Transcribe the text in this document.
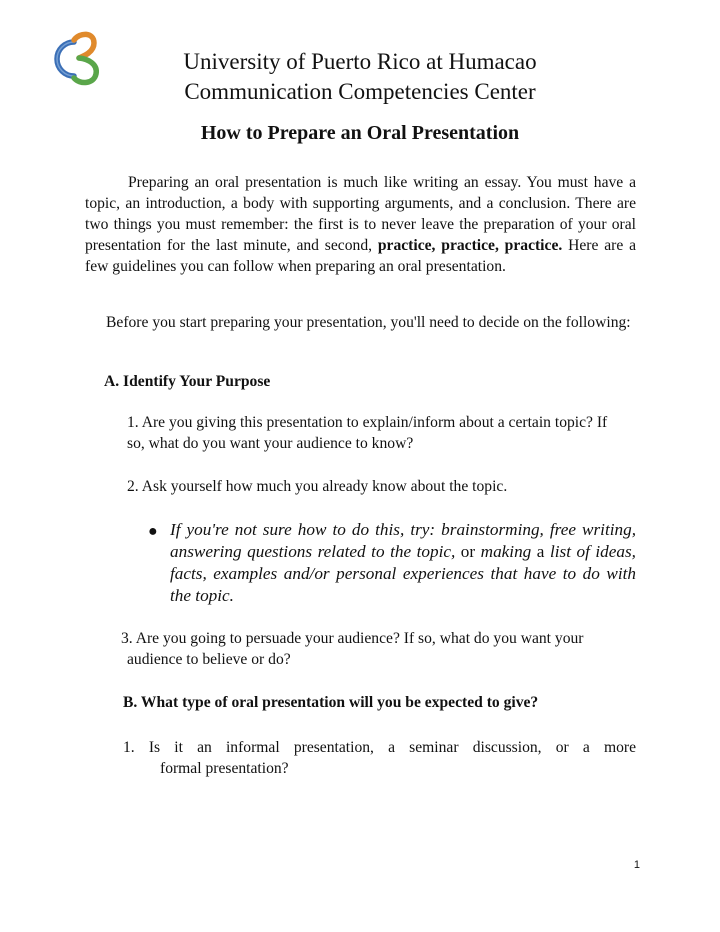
University of Puerto Rico at Humacao
Communication Competencies Center
How to Prepare an Oral Presentation
Preparing an oral presentation is much like writing an essay. You must have a topic, an introduction, a body with supporting arguments, and a conclusion. There are two things you must remember: the first is to never leave the preparation of your oral presentation for the last minute, and second, practice, practice, practice. Here are a few guidelines you can follow when preparing an oral presentation.
Before you start preparing your presentation, you'll need to decide on the following:
A. Identify Your Purpose
1. Are you giving this presentation to explain/inform about a certain topic? If so, what do you want your audience to know?
2. Ask yourself how much you already know about the topic.
● If you're not sure how to do this, try: brainstorming, free writing, answering questions related to the topic, or making a list of ideas, facts, examples and/or personal experiences that have to do with the topic.
3. Are you going to persuade your audience? If so, what do you want your
audience to believe or do?
B. What type of oral presentation will you be expected to give?
1. Is it an informal presentation, a seminar discussion, or a more
formal presentation?
1
